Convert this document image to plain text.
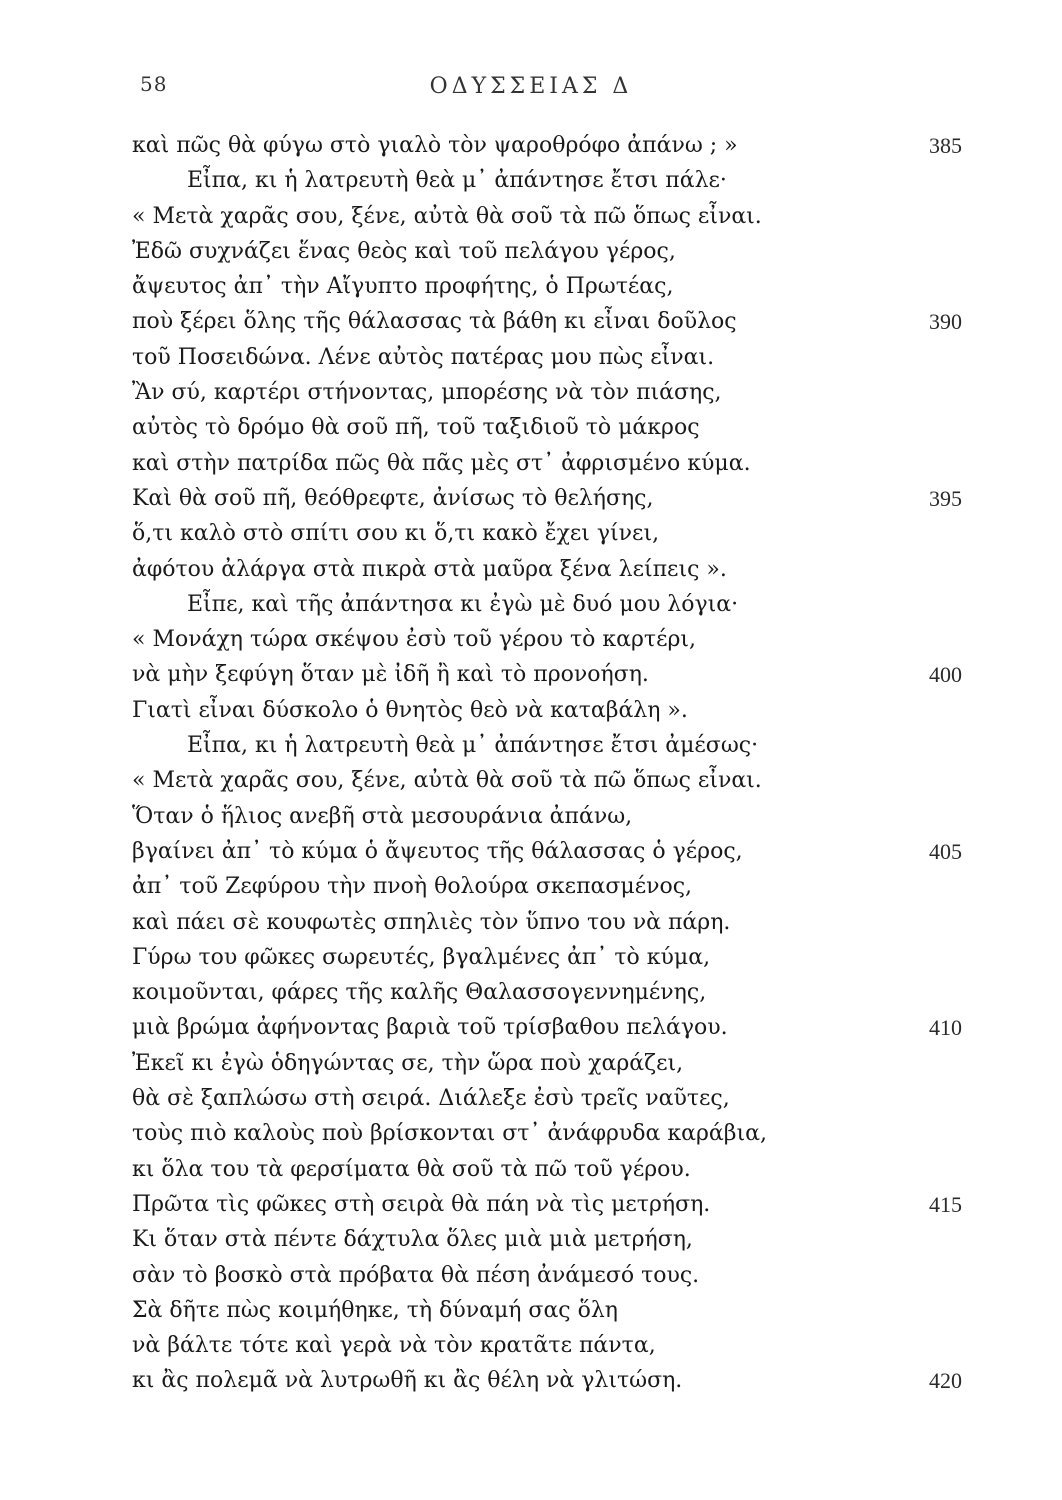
58	ΟΔΥΣΣΕΙΑΣ Δ
καὶ πῶς θὰ φύγω στὸ γιαλὸ τὸν ψαροθρόφο ἀπάνω ; »	385
Εἶπα, κι ἡ λατρευτὴ θεὰ μ᾽ ἀπάντησε ἔτσι πάλε·
« Μετὰ χαρᾶς σου, ξένε, αὐτὰ θὰ σοῦ τὰ πῶ ὅπως εἶναι.
Ἐδῶ συχνάζει ἕνας θεὸς καὶ τοῦ πελάγου γέρος,
ἄψευτος ἀπ᾽ τὴν Αἴγυπτο προφήτης, ὁ Πρωτέας,
ποὺ ξέρει ὅλης τῆς θάλασσας τὰ βάθη κι εἶναι δοῦλος	390
τοῦ Ποσειδώνα. Λένε αὐτὸς πατέρας μου πὼς εἶναι.
Ἂν σύ, καρτέρι στήνοντας, μπορέσης νὰ τὸν πιάσης,
αὐτὸς τὸ δρόμο θὰ σοῦ πῆ, τοῦ ταξιδιοῦ τὸ μάκρος
καὶ στὴν πατρίδα πῶς θὰ πᾶς μὲς στ᾽ ἀφρισμένο κύμα.
Καὶ θὰ σοῦ πῆ, θεόθρεφτε, ἀνίσως τὸ θελήσης,	395
ὅ,τι καλὸ στὸ σπίτι σου κι ὅ,τι κακὸ ἔχει γίνει,
ἀφότου ἀλάργα στὰ πικρὰ στὰ μαῦρα ξένα λείπεις ».
Εἶπε, καὶ τῆς ἀπάντησα κι ἐγὼ μὲ δυό μου λόγια·
« Μονάχη τώρα σκέψου ἐσὺ τοῦ γέρου τὸ καρτέρι,
νὰ μὴν ξεφύγη ὅταν μὲ ἰδῆ ἢ καὶ τὸ προνοήση.	400
Γιατὶ εἶναι δύσκολο ὁ θνητὸς θεὸ νὰ καταβάλη ».
Εἶπα, κι ἡ λατρευτὴ θεὰ μ᾽ ἀπάντησε ἔτσι ἀμέσως·
« Μετὰ χαρᾶς σου, ξένε, αὐτὰ θὰ σοῦ τὰ πῶ ὅπως εἶναι.
Ὅταν ὁ ἥλιος ανεβῆ στὰ μεσουράνια ἀπάνω,
βγαίνει ἀπ᾽ τὸ κύμα ὁ ἄψευτος τῆς θάλασσας ὁ γέρος,	405
ἀπ᾽ τοῦ Ζεφύρου τὴν πνοὴ θολούρα σκεπασμένος,
καὶ πάει σὲ κουφωτὲς σπηλιὲς τὸν ὕπνο του νὰ πάρη.
Γύρω του φῶκες σωρευτές, βγαλμένες ἀπ᾽ τὸ κύμα,
κοιμοῦνται, φάρες τῆς καλῆς Θαλασσογεννημένης,
μιὰ βρώμα ἀφήνοντας βαριὰ τοῦ τρίσβαθου πελάγου.	410
Ἐκεῖ κι ἐγὼ ὁδηγώντας σε, τὴν ὥρα ποὺ χαράζει,
θὰ σὲ ξαπλώσω στὴ σειρά. Διάλεξε ἐσὺ τρεῖς ναῦτες,
τοὺς πιὸ καλοὺς ποὺ βρίσκονται στ᾽ ἀνάφρυδα καράβια,
κι ὅλα του τὰ φερσίματα θὰ σοῦ τὰ πῶ τοῦ γέρου.
Πρῶτα τὶς φῶκες στὴ σειρὰ θὰ πάη νὰ τὶς μετρήση.	415
Κι ὅταν στὰ πέντε δάχτυλα ὅλες μιὰ μιὰ μετρήση,
σὰν τὸ βοσκὸ στὰ πρόβατα θὰ πέση ἀνάμεσό τους.
Σὰ δῆτε πὼς κοιμήθηκε, τὴ δύναμή σας ὅλη
νὰ βάλτε τότε καὶ γερὰ νὰ τὸν κρατᾶτε πάντα,
κι ἂς πολεμᾶ νὰ λυτρωθῆ κι ἂς θέλη νὰ γλιτώση.	420
